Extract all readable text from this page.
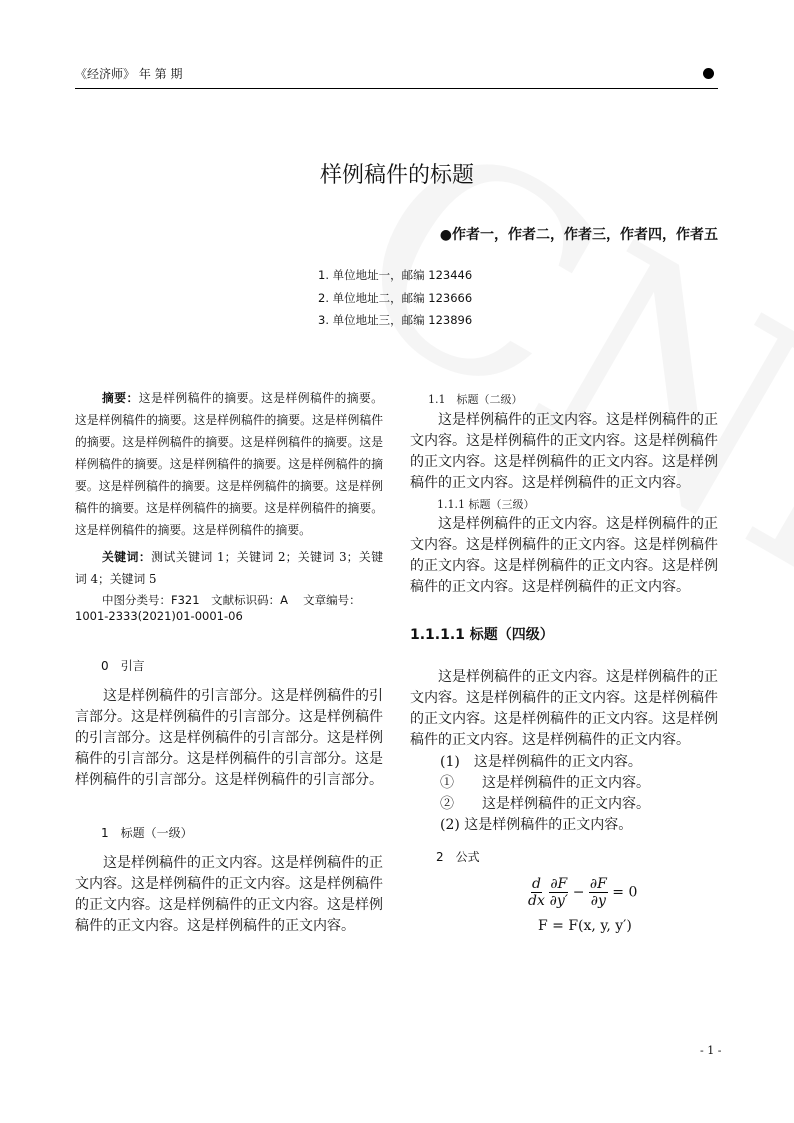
《经济师》 年 第 期
样例稿件的标题
●作者一，作者二，作者三，作者四，作者五
1. 单位地址一，邮编 123446
2. 单位地址二，邮编 123666
3. 单位地址三，邮编 123896
摘要：这是样例稿件的摘要。这是样例稿件的摘要。这是样例稿件的摘要。这是样例稿件的摘要。这是样例稿件的摘要。这是样例稿件的摘要。这是样例稿件的摘要。这是样例稿件的摘要。这是样例稿件的摘要。这是样例稿件的摘要。这是样例稿件的摘要。这是样例稿件的摘要。这是样例稿件的摘要。这是样例稿件的摘要。这是样例稿件的摘要。这是样例稿件的摘要。这是样例稿件的摘要。
关键词：测试关键词 1；关键词 2；关键词 3；关键词 4；关键词 5
中图分类号：F321　文献标识码：A　 文章编号：1001-2333(2021)01-0001-06
0　引言
这是样例稿件的引言部分。这是样例稿件的引言部分。这是样例稿件的引言部分。这是样例稿件的引言部分。这是样例稿件的引言部分。这是样例稿件的引言部分。这是样例稿件的引言部分。这是样例稿件的引言部分。这是样例稿件的引言部分。
1　标题（一级）
这是样例稿件的正文内容。这是样例稿件的正文内容。这是样例稿件的正文内容。这是样例稿件的正文内容。这是样例稿件的正文内容。这是样例稿件的正文内容。这是样例稿件的正文内容。
1.1　标题（二级）
这是样例稿件的正文内容。这是样例稿件的正文内容。这是样例稿件的正文内容。这是样例稿件的正文内容。这是样例稿件的正文内容。这是样例稿件的正文内容。这是样例稿件的正文内容。
1.1.1 标题（三级）
这是样例稿件的正文内容。这是样例稿件的正文内容。这是样例稿件的正文内容。这是样例稿件的正文内容。这是样例稿件的正文内容。这是样例稿件的正文内容。这是样例稿件的正文内容。
1.1.1.1 标题（四级）
这是样例稿件的正文内容。这是样例稿件的正文内容。这是样例稿件的正文内容。这是样例稿件的正文内容。这是样例稿件的正文内容。这是样例稿件的正文内容。这是样例稿件的正文内容。
(1)　这是样例稿件的正文内容。
①　　这是样例稿件的正文内容。
②　　这是样例稿件的正文内容。
(2) 这是样例稿件的正文内容。
2　公式
$\frac{d}{dx}$
$\frac{\partial F}{\partial y'} - \frac{\partial F}{\partial y} = 0$
F = F(x, y, y′)
- 1 -
